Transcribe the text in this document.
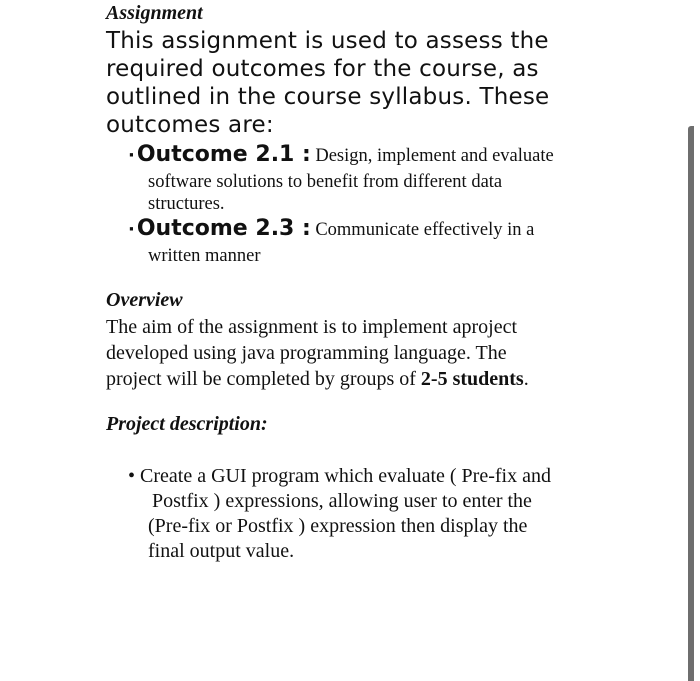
Assignment
This assignment is used to assess the
required outcomes for the course, as
outlined in the course syllabus. These
outcomes are:
·Outcome 2.1 : Design, implement and evaluate
software solutions to benefit from different data
structures.
·Outcome 2.3 : Communicate effectively in a
written manner
Overview
The aim of the assignment is to implement aproject
developed using java programming language. The
project will be completed by groups of 2-5 students.
Project description:
• Create a GUI program which evaluate ( Pre-fix and
Postfix ) expressions, allowing user to enter the
(Pre-fix or Postfix ) expression then display the
final output value.
